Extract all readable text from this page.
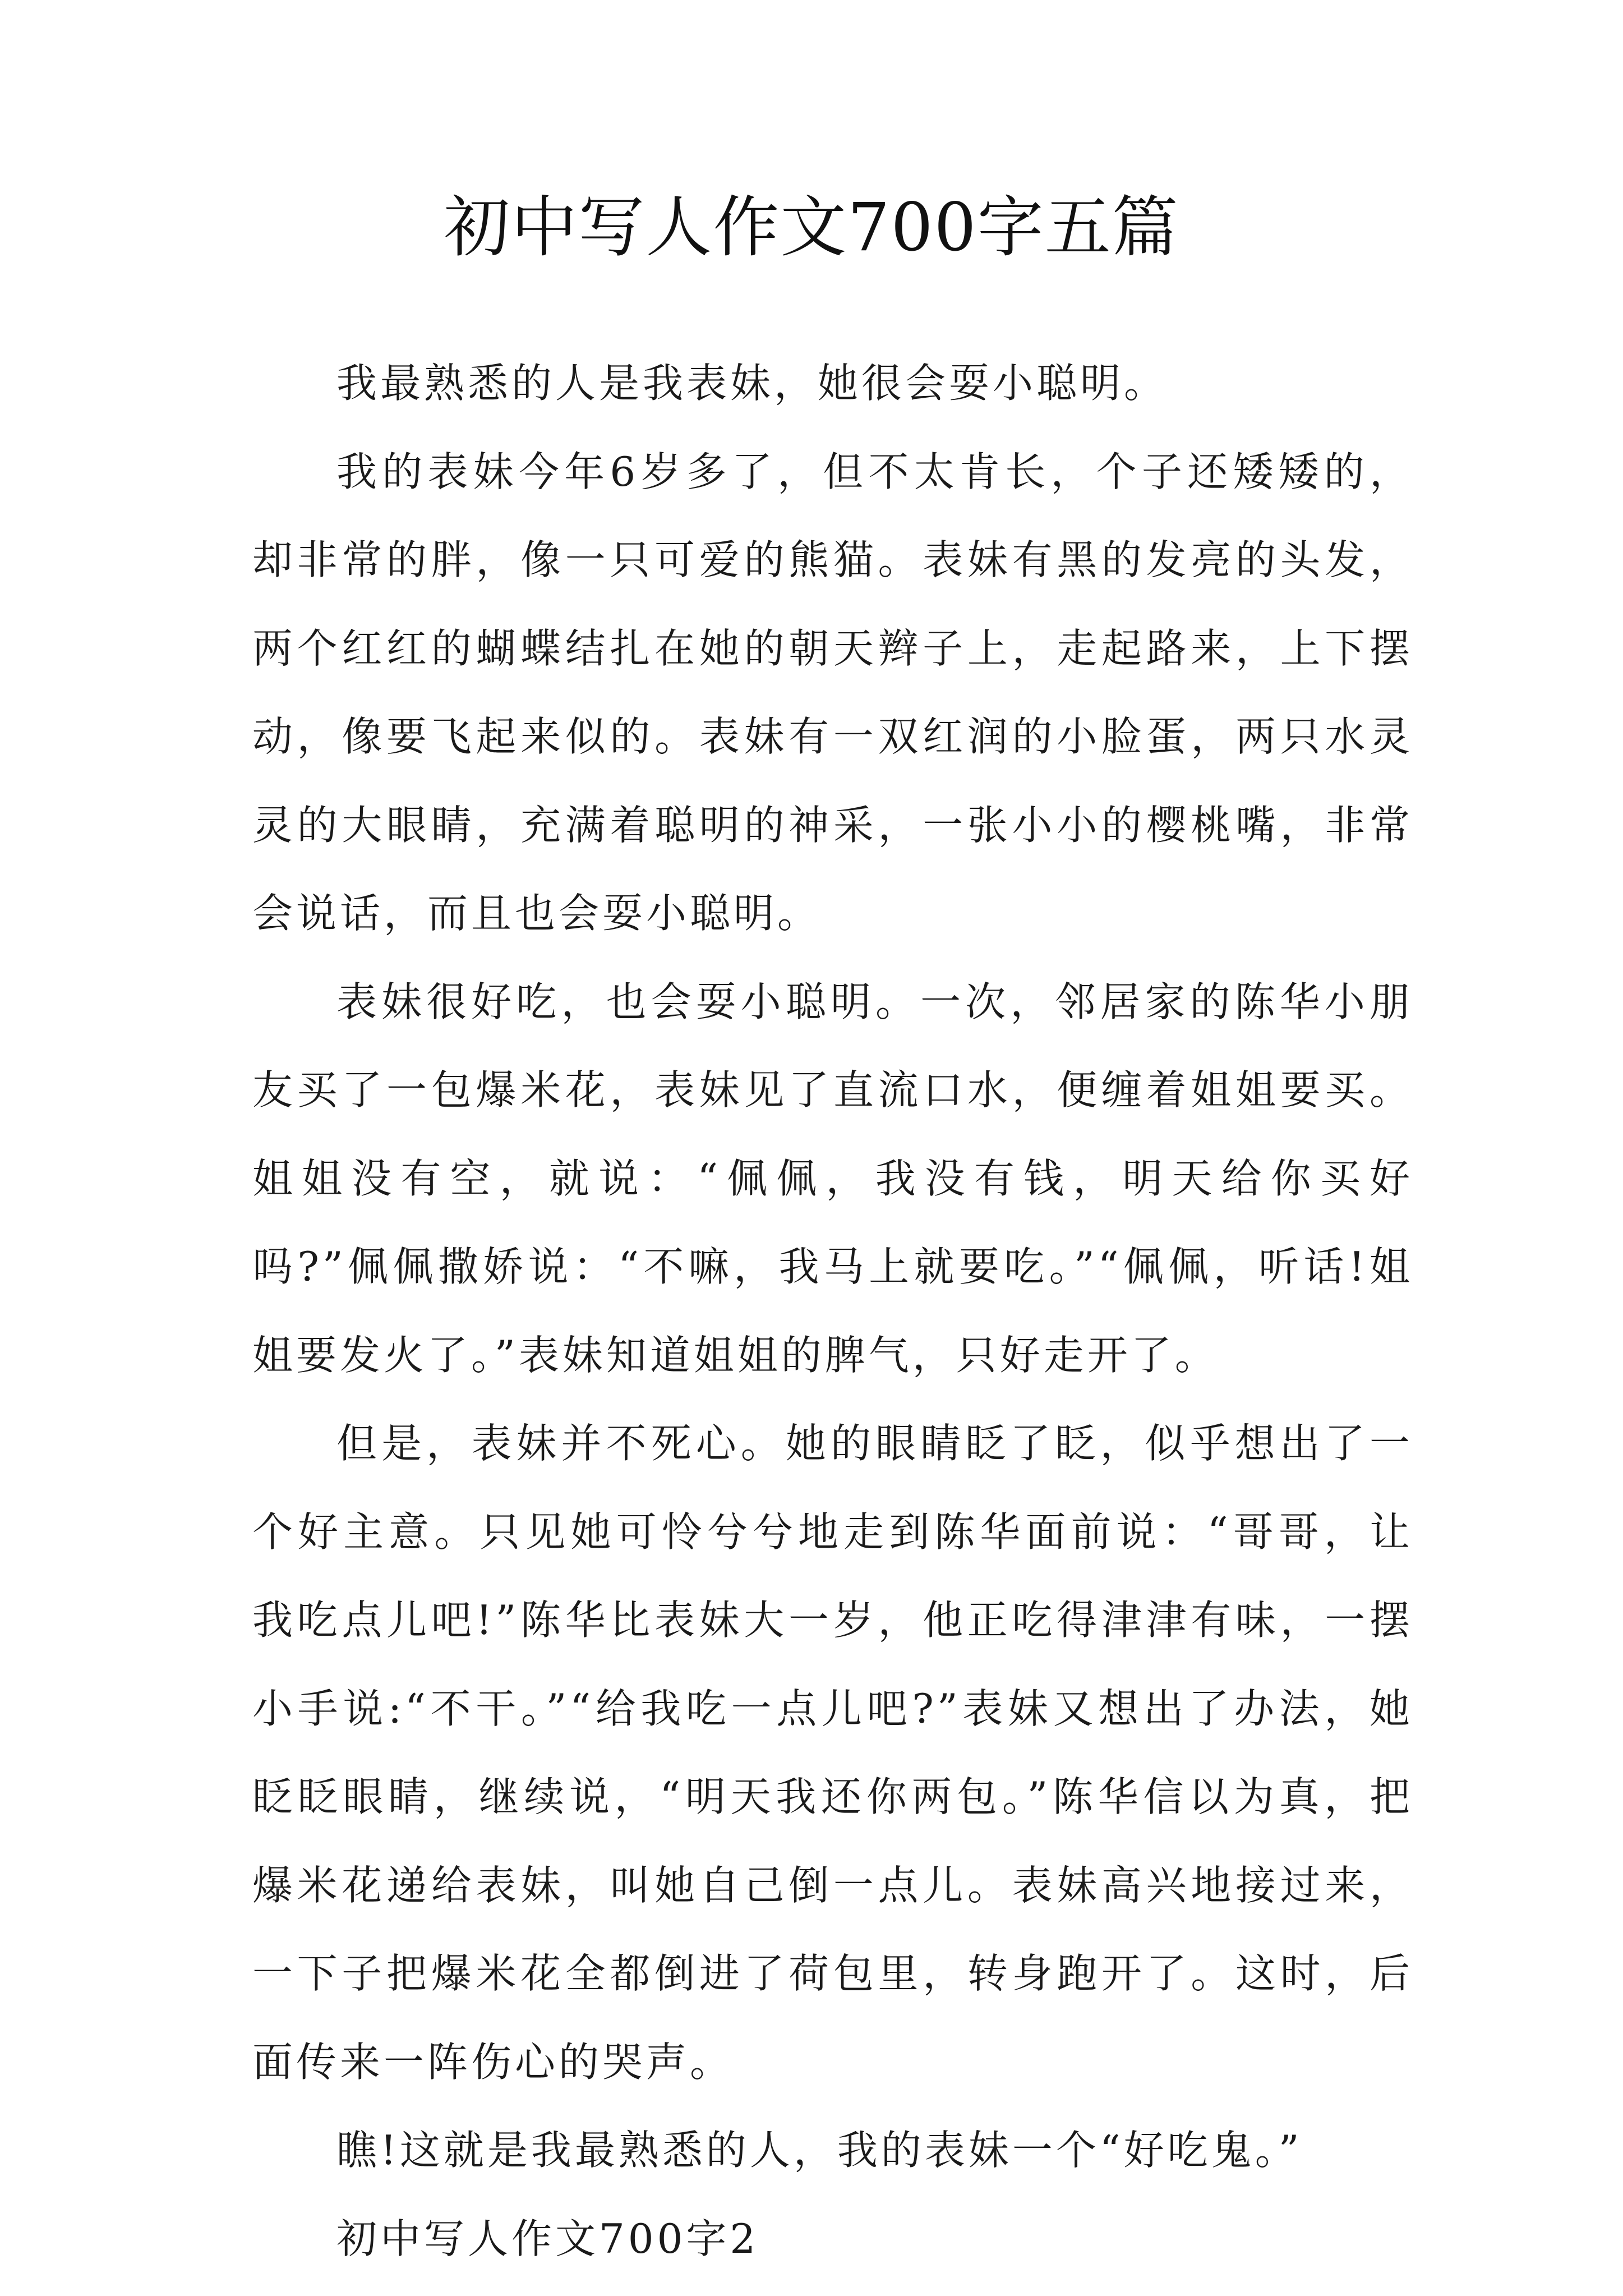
初中写人作文700字五篇

我最熟悉的人是我表妹，她很会耍小聪明。

我的表妹今年6岁多了，但不太肯长，个子还矮矮的，却非常的胖，像一只可爱的熊猫。表妹有黑的发亮的头发，两个红红的蝴蝶结扎在她的朝天辫子上，走起路来，上下摆动，像要飞起来似的。表妹有一双红润的小脸蛋，两只水灵灵的大眼睛，充满着聪明的神采，一张小小的樱桃嘴，非常会说话，而且也会耍小聪明。

表妹很好吃，也会耍小聪明。一次，邻居家的陈华小朋友买了一包爆米花，表妹见了直流口水，便缠着姐姐要买。姐姐没有空，就说：“佩佩，我没有钱，明天给你买好吗?”佩佩撒娇说：“不嘛，我马上就要吃。”“佩佩，听话!姐姐要发火了。”表妹知道姐姐的脾气，只好走开了。

但是，表妹并不死心。她的眼睛眨了眨，似乎想出了一个好主意。只见她可怜兮兮地走到陈华面前说：“哥哥，让我吃点儿吧!”陈华比表妹大一岁，他正吃得津津有味，一摆小手说:“不干。”“给我吃一点儿吧?”表妹又想出了办法，她眨眨眼睛，继续说，“明天我还你两包。”陈华信以为真，把爆米花递给表妹，叫她自己倒一点儿。表妹高兴地接过来，一下子把爆米花全都倒进了荷包里，转身跑开了。这时，后面传来一阵伤心的哭声。

瞧!这就是我最熟悉的人，我的表妹一个“好吃鬼。”

初中写人作文700字2
